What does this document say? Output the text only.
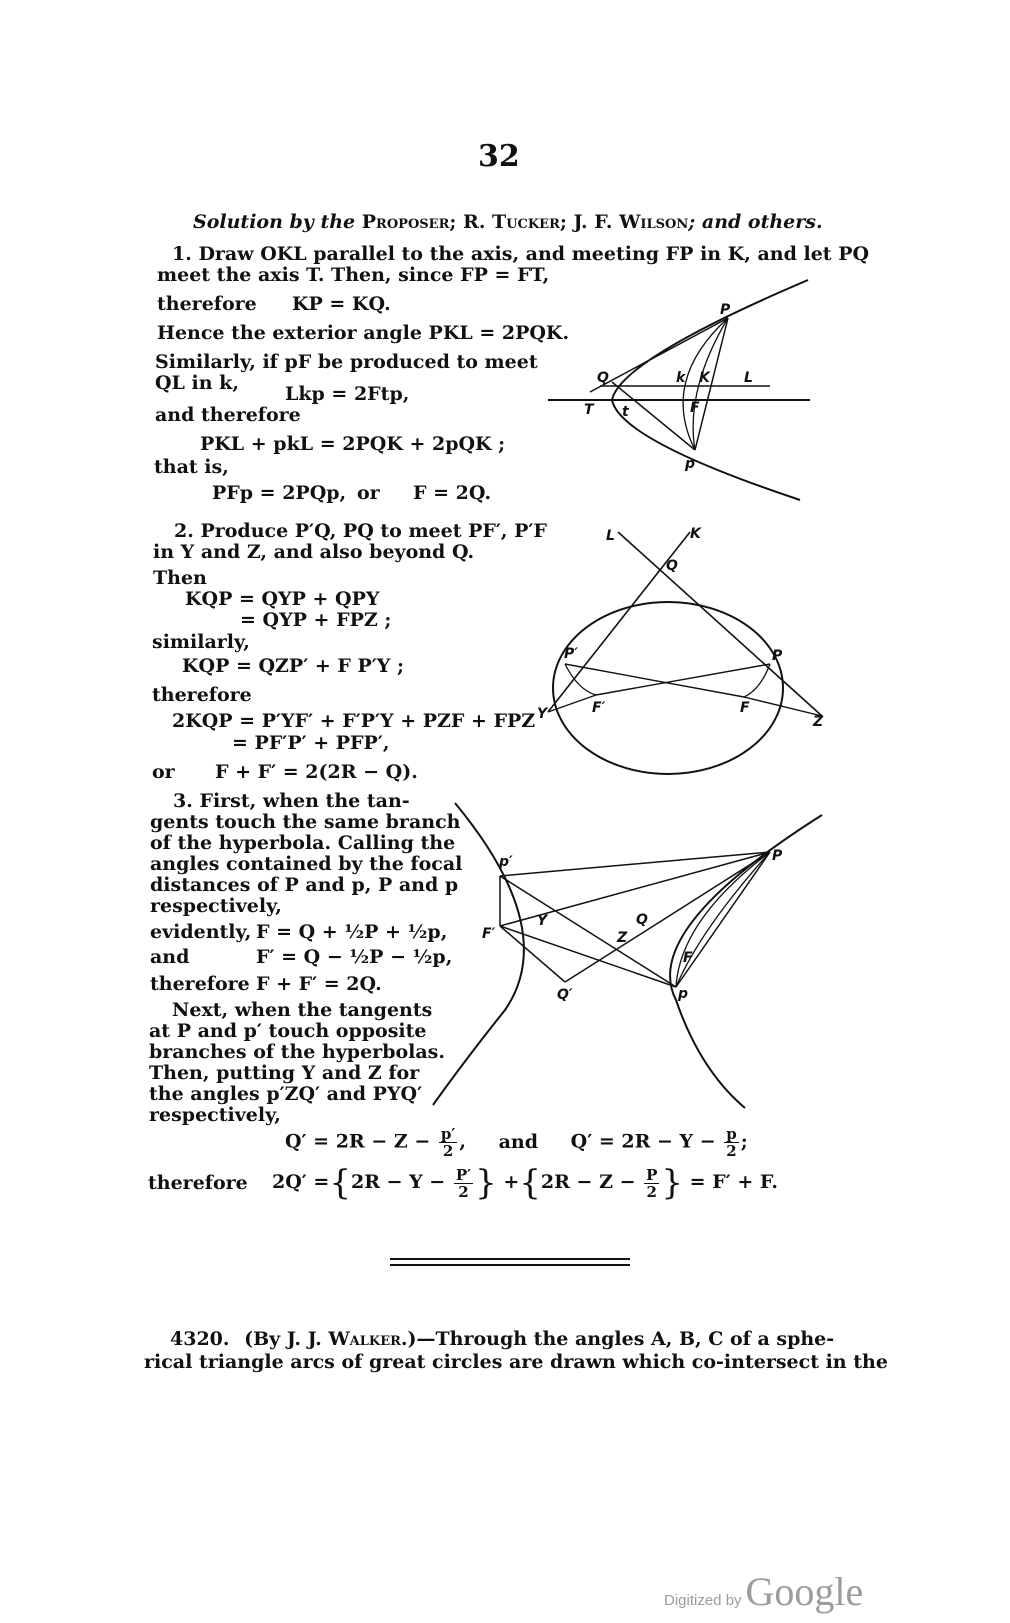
32
Solution by the Proposer; R. Tucker; J. F. Wilson; and others.
1. Draw OKL parallel to the axis, and meeting FP in K, and let PQ
meet the axis T. Then, since FP = FT,
therefore KP = KQ.
Hence the exterior angle PKL = 2PQK.
Similarly, if pF be produced to meet
QL in k, Lkp = 2Ftp,
and therefore
PKL + pkL = 2PQK + 2pQK ;
that is,
PFp = 2PQp, or F = 2Q.
P
Q	k K L
T t	F
p
2. Produce P′Q, PQ to meet PF′, P′F
in Y and Z, and also beyond Q.
Then
KQP = QYP + QPY
= QYP + FPZ ;
similarly,
KQP = QZP′ + F P′Y ;
therefore
2KQP = P′YF′ + F′P′Y + PZF + FPZ
= PF′P′ + PFP′,
or F + F′ = 2(2R − Q).
L	K
Q
P′	P
Y	F′	F
Z
3. First, when the tan-
gents touch the same branch
of the hyperbola. Calling the
angles contained by the focal
distances of P and p, P and p
respectively,
evidently, F = Q + ½P + ½p,
and	F′ = Q − ½P − ½p,
therefore F + F′ = 2Q.
Next, when the tangents
at P and p′ touch opposite
branches of the hyperbolas.
Then, putting Y and Z for
the angles p′ZQ′ and PYQ′
respectively,
p′	P
F′
Y	Q
Z
F
Q′	p
$Q' = 2R - Z - \frac{p'}{2}$ , and $Q' = 2R - Y - \frac{p}{2}$ ;
therefore $2Q' =\{2R - Y - \frac{P'}{2}$ } $+\{2R - Z - \frac{P}{2}$ } = F′ + F.
4320. (By J. J. Walker.)—Through the angles A, B, C of a sphe-
rical triangle arcs of great circles are drawn which co-intersect in the
Digitized by Google
